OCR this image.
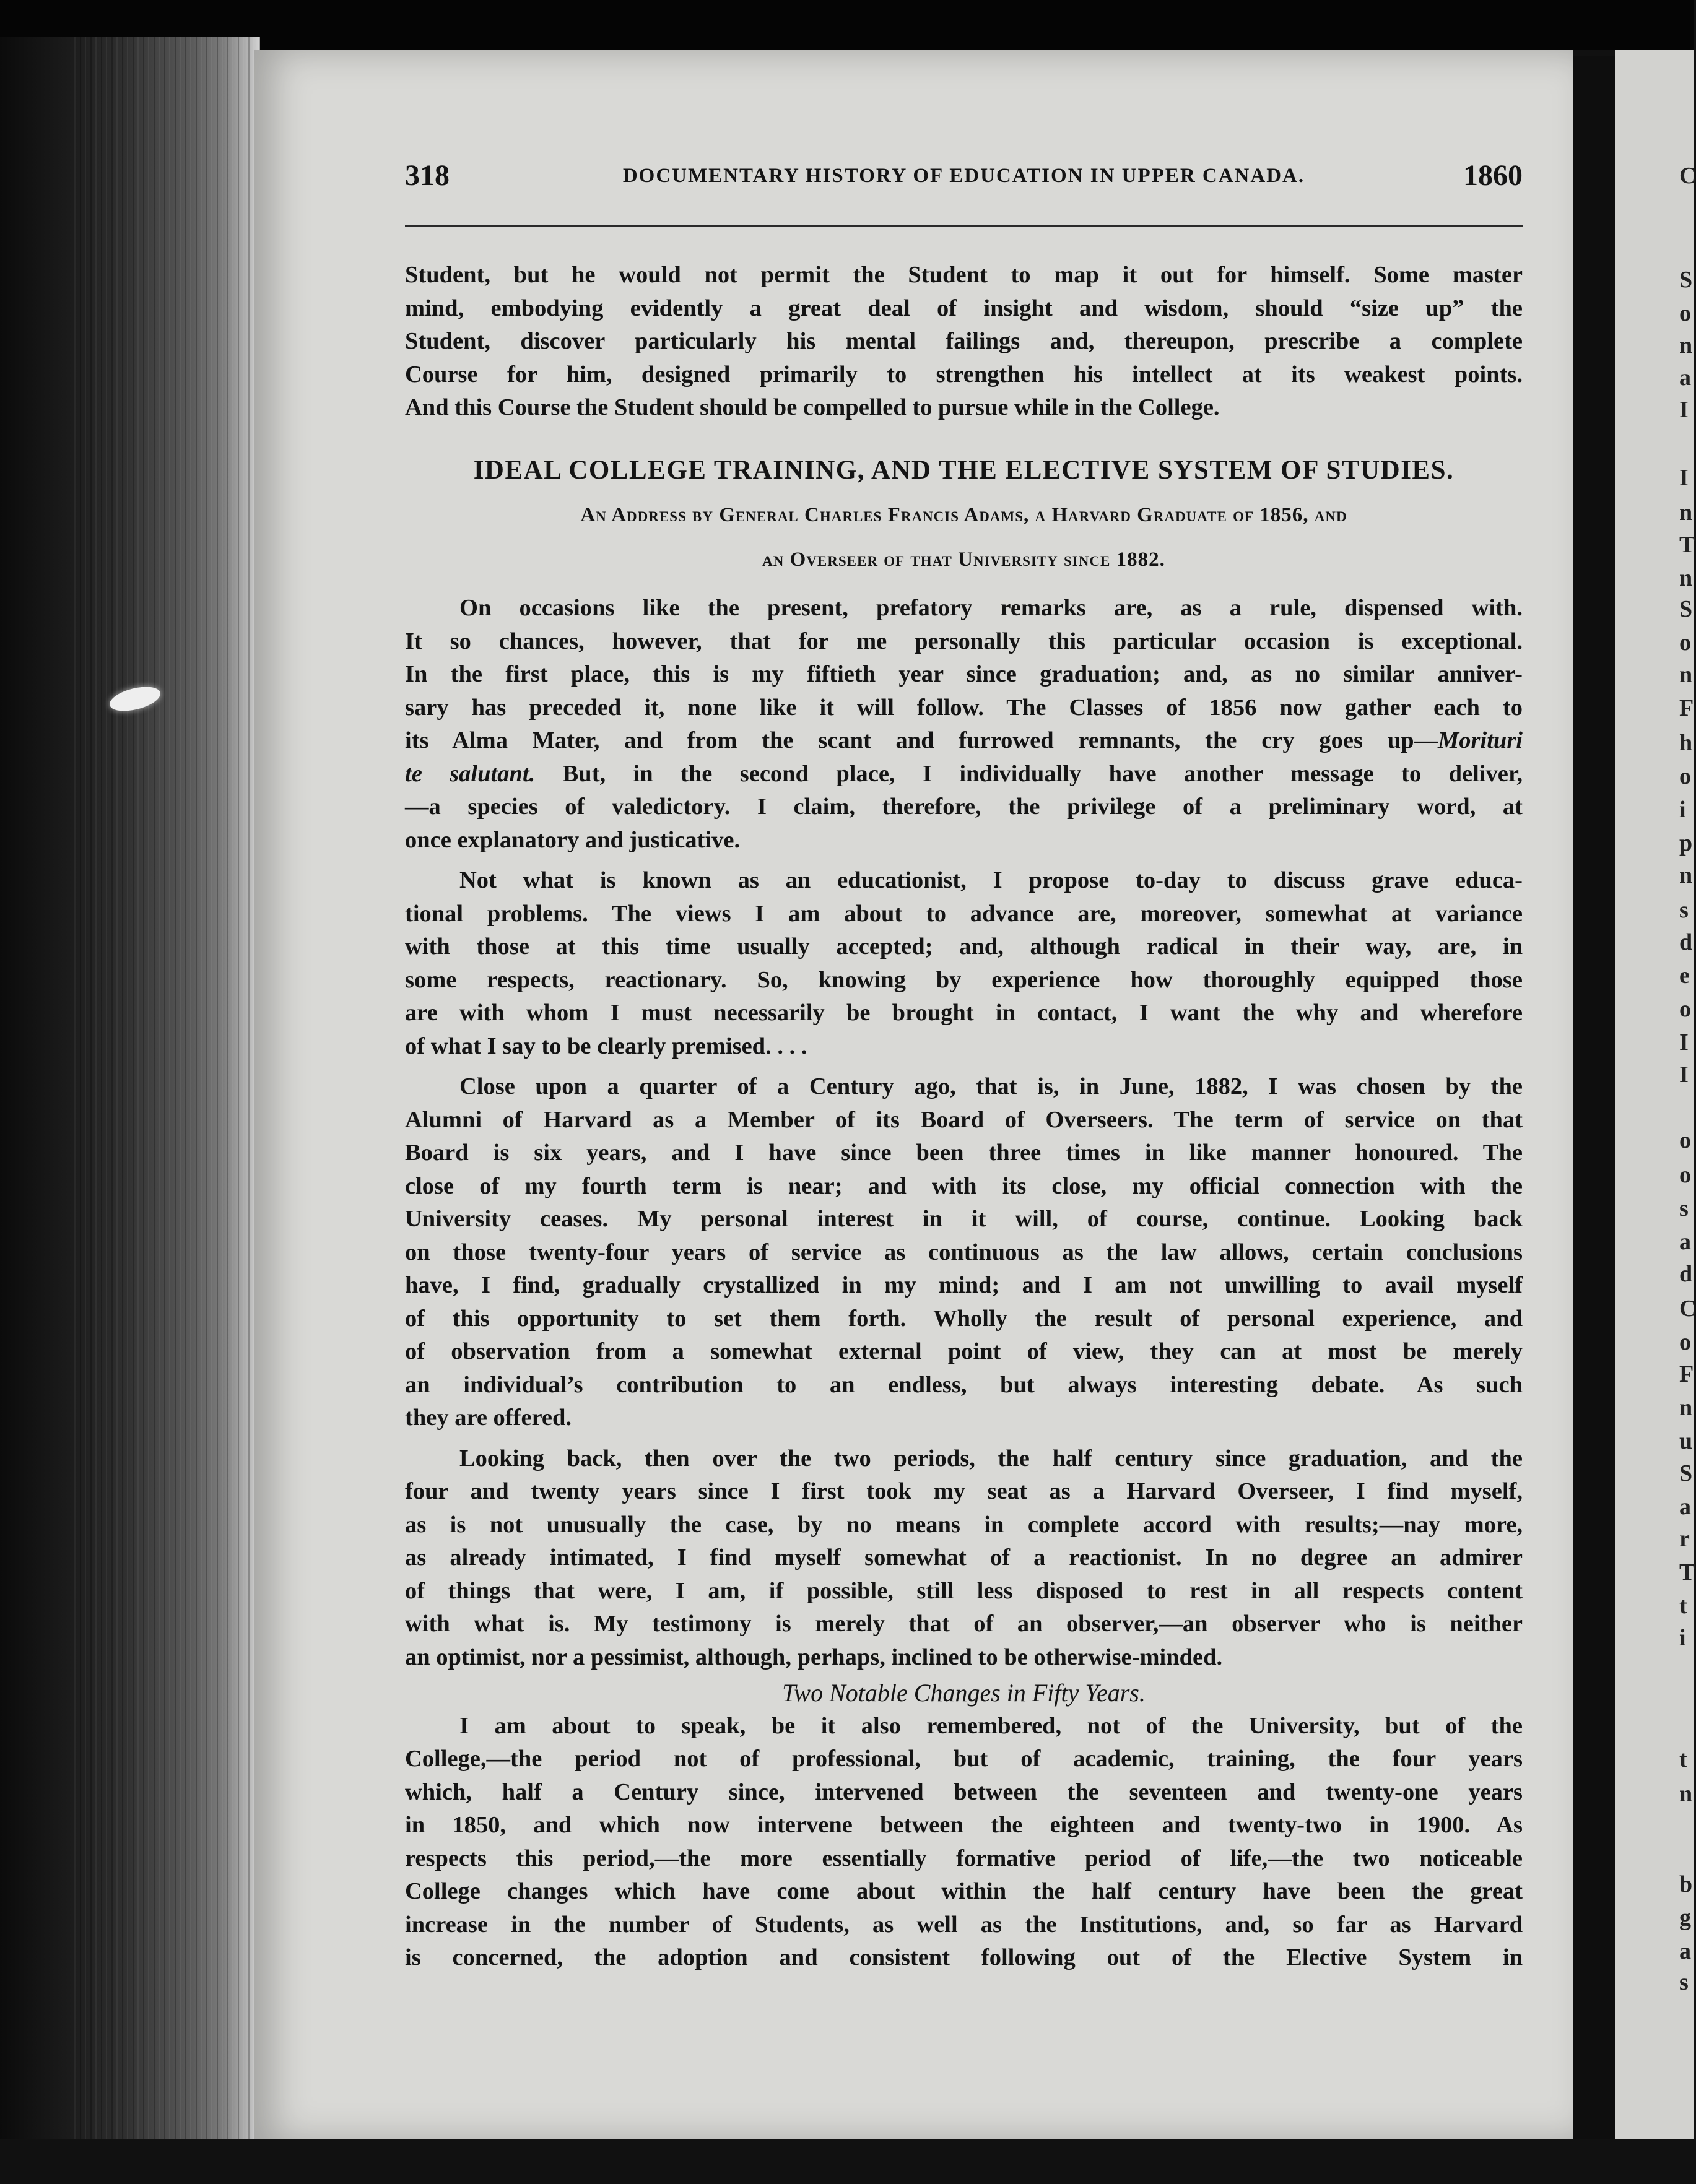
318	DOCUMENTARY HISTORY OF EDUCATION IN UPPER CANADA.	1860

Student, but he would not permit the Student to map it out for himself. Some master

mind, embodying evidently a great deal of insight and wisdom, should “size up” the

Student, discover particularly his mental failings and, thereupon, prescribe a complete

Course for him, designed primarily to strengthen his intellect at its weakest points.

And this Course the Student should be compelled to pursue while in the College.

IDEAL COLLEGE TRAINING, AND THE ELECTIVE SYSTEM OF STUDIES.

An Address by General Charles Francis Adams, a Harvard Graduate of 1856, and

an Overseer of that University since 1882.

On occasions like the present, prefatory remarks are, as a rule, dispensed with.

It so chances, however, that for me personally this particular occasion is exceptional.

In the first place, this is my fiftieth year since graduation; and, as no similar anniver-

sary has preceded it, none like it will follow. The Classes of 1856 now gather each to

its Alma Mater, and from the scant and furrowed remnants, the cry goes up—Morituri

te salutant. But, in the second place, I individually have another message to deliver,

—a species of valedictory. I claim, therefore, the privilege of a preliminary word, at

once explanatory and justicative.

Not what is known as an educationist, I propose to-day to discuss grave educa-

tional problems. The views I am about to advance are, moreover, somewhat at variance

with those at this time usually accepted; and, although radical in their way, are, in

some respects, reactionary. So, knowing by experience how thoroughly equipped those

are with whom I must necessarily be brought in contact, I want the why and wherefore

of what I say to be clearly premised. . . .

Close upon a quarter of a Century ago, that is, in June, 1882, I was chosen by the

Alumni of Harvard as a Member of its Board of Overseers. The term of service on that

Board is six years, and I have since been three times in like manner honoured. The

close of my fourth term is near; and with its close, my official connection with the

University ceases. My personal interest in it will, of course, continue. Looking back

on those twenty-four years of service as continuous as the law allows, certain conclusions

have, I find, gradually crystallized in my mind; and I am not unwilling to avail myself

of this opportunity to set them forth. Wholly the result of personal experience, and

of observation from a somewhat external point of view, they can at most be merely

an individual’s contribution to an endless, but always interesting debate. As such

they are offered.

Looking back, then over the two periods, the half century since graduation, and the

four and twenty years since I first took my seat as a Harvard Overseer, I find myself,

as is not unusually the case, by no means in complete accord with results;—nay more,

as already intimated, I find myself somewhat of a reactionist. In no degree an admirer

of things that were, I am, if possible, still less disposed to rest in all respects content

with what is. My testimony is merely that of an observer,—an observer who is neither

an optimist, nor a pessimist, although, perhaps, inclined to be otherwise-minded.

Two Notable Changes in Fifty Years.

I am about to speak, be it also remembered, not of the University, but of the

College,—the period not of professional, but of academic, training, the four years

which, half a Century since, intervened between the seventeen and twenty-one years

in 1850, and which now intervene between the eighteen and twenty-two in 1900. As

respects this period,—the more essentially formative period of life,—the two noticeable

College changes which have come about within the half century have been the great

increase in the number of Students, as well as the Institutions, and, so far as Harvard

is concerned, the adoption and consistent following out of the Elective System in

C
S
o
n
a
I
I
n
T
n
S
o
n
F
h
o
i
p
n
s
d
e
o
I
I
o
o
s
a
d
C
o
F
n
u
S
a
r
T
t
i
t
n
b
g
a
s
